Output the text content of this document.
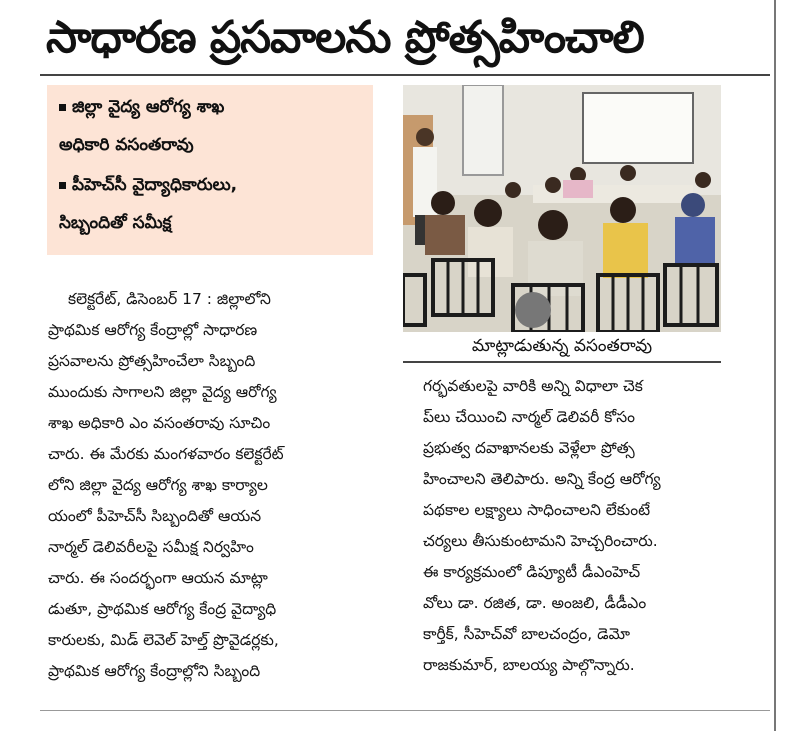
సాధారణ ప్రసవాలను ప్రోత్సహించాలి
జిల్లా వైద్య ఆరోగ్య శాఖ
అధికారి వసంతరావు
పీహెచ్‌సీ వైద్యాధికారులు,
సిబ్బందితో సమీక్ష
మాట్లాడుతున్న వసంతరావు
కలెక్టరేట్, డిసెంబర్ 17 : జిల్లాలోని
ప్రాథమిక ఆరోగ్య కేంద్రాల్లో సాధారణ
ప్రసవాలను ప్రోత్సహించేలా సిబ్బంది
ముందుకు సాగాలని జిల్లా వైద్య ఆరోగ్య
శాఖ అధికారి ఎం వసంతరావు సూచిం
చారు. ఈ మేరకు మంగళవారం కలెక్టరేట్
లోని జిల్లా వైద్య ఆరోగ్య శాఖ కార్యాల
యంలో పీహెచ్‌సీ సిబ్బందితో ఆయన
నార్మల్ డెలివరీలపై సమీక్ష నిర్వహిం
చారు. ఈ సందర్భంగా ఆయన మాట్లా
డుతూ, ప్రాథమిక ఆరోగ్య కేంద్ర వైద్యాధి
కారులకు, మిడ్ లెవెల్ హెల్త్ ప్రొవైడర్లకు,
ప్రాథమిక ఆరోగ్య కేంద్రాల్లోని సిబ్బంది
గర్భవతులపై వారికి అన్ని విధాలా చెక
ప్‌లు చేయించి నార్మల్ డెలివరీ కోసం
ప్రభుత్వ దవాఖానలకు వెళ్లేలా ప్రోత్స
హించాలని తెలిపారు. అన్ని కేంద్ర ఆరోగ్య
పథకాల లక్ష్యాలు సాధించాలని లేకుంటే
చర్యలు తీసుకుంటామని హెచ్చరించారు.
ఈ కార్యక్రమంలో డిప్యూటీ డీఎంహెచ్
వోలు డా. రజిత, డా. అంజలి, డీడీఎం
కార్తీక్, సీహెచ్‌వో బాలచంద్రం, డెమో
రాజకుమార్, బాలయ్య పాల్గొన్నారు.
